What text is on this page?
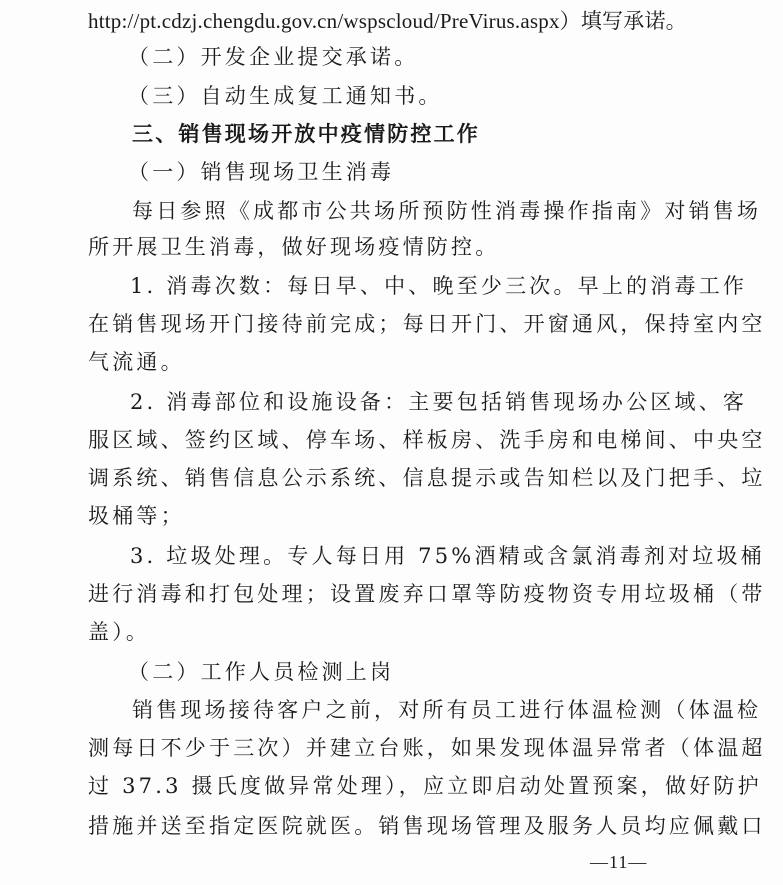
http://pt.cdzj.chengdu.gov.cn/wspscloud/PreVirus.aspx）填写承诺。
（二）开发企业提交承诺。
（三）自动生成复工通知书。
三、销售现场开放中疫情防控工作
（一）销售现场卫生消毒
每日参照《成都市公共场所预防性消毒操作指南》对销售场
所开展卫生消毒，做好现场疫情防控。
1. 消毒次数：每日早、中、晚至少三次。早上的消毒工作
在销售现场开门接待前完成；每日开门、开窗通风，保持室内空
气流通。
2. 消毒部位和设施设备：主要包括销售现场办公区域、客
服区域、签约区域、停车场、样板房、洗手房和电梯间、中央空
调系统、销售信息公示系统、信息提示或告知栏以及门把手、垃
圾桶等；
3. 垃圾处理。专人每日用 75%酒精或含氯消毒剂对垃圾桶
进行消毒和打包处理；设置废弃口罩等防疫物资专用垃圾桶（带
盖）。
（二）工作人员检测上岗
销售现场接待客户之前，对所有员工进行体温检测（体温检
测每日不少于三次）并建立台账，如果发现体温异常者（体温超
过 37.3 摄氏度做异常处理），应立即启动处置预案，做好防护
措施并送至指定医院就医。销售现场管理及服务人员均应佩戴口
—11—
